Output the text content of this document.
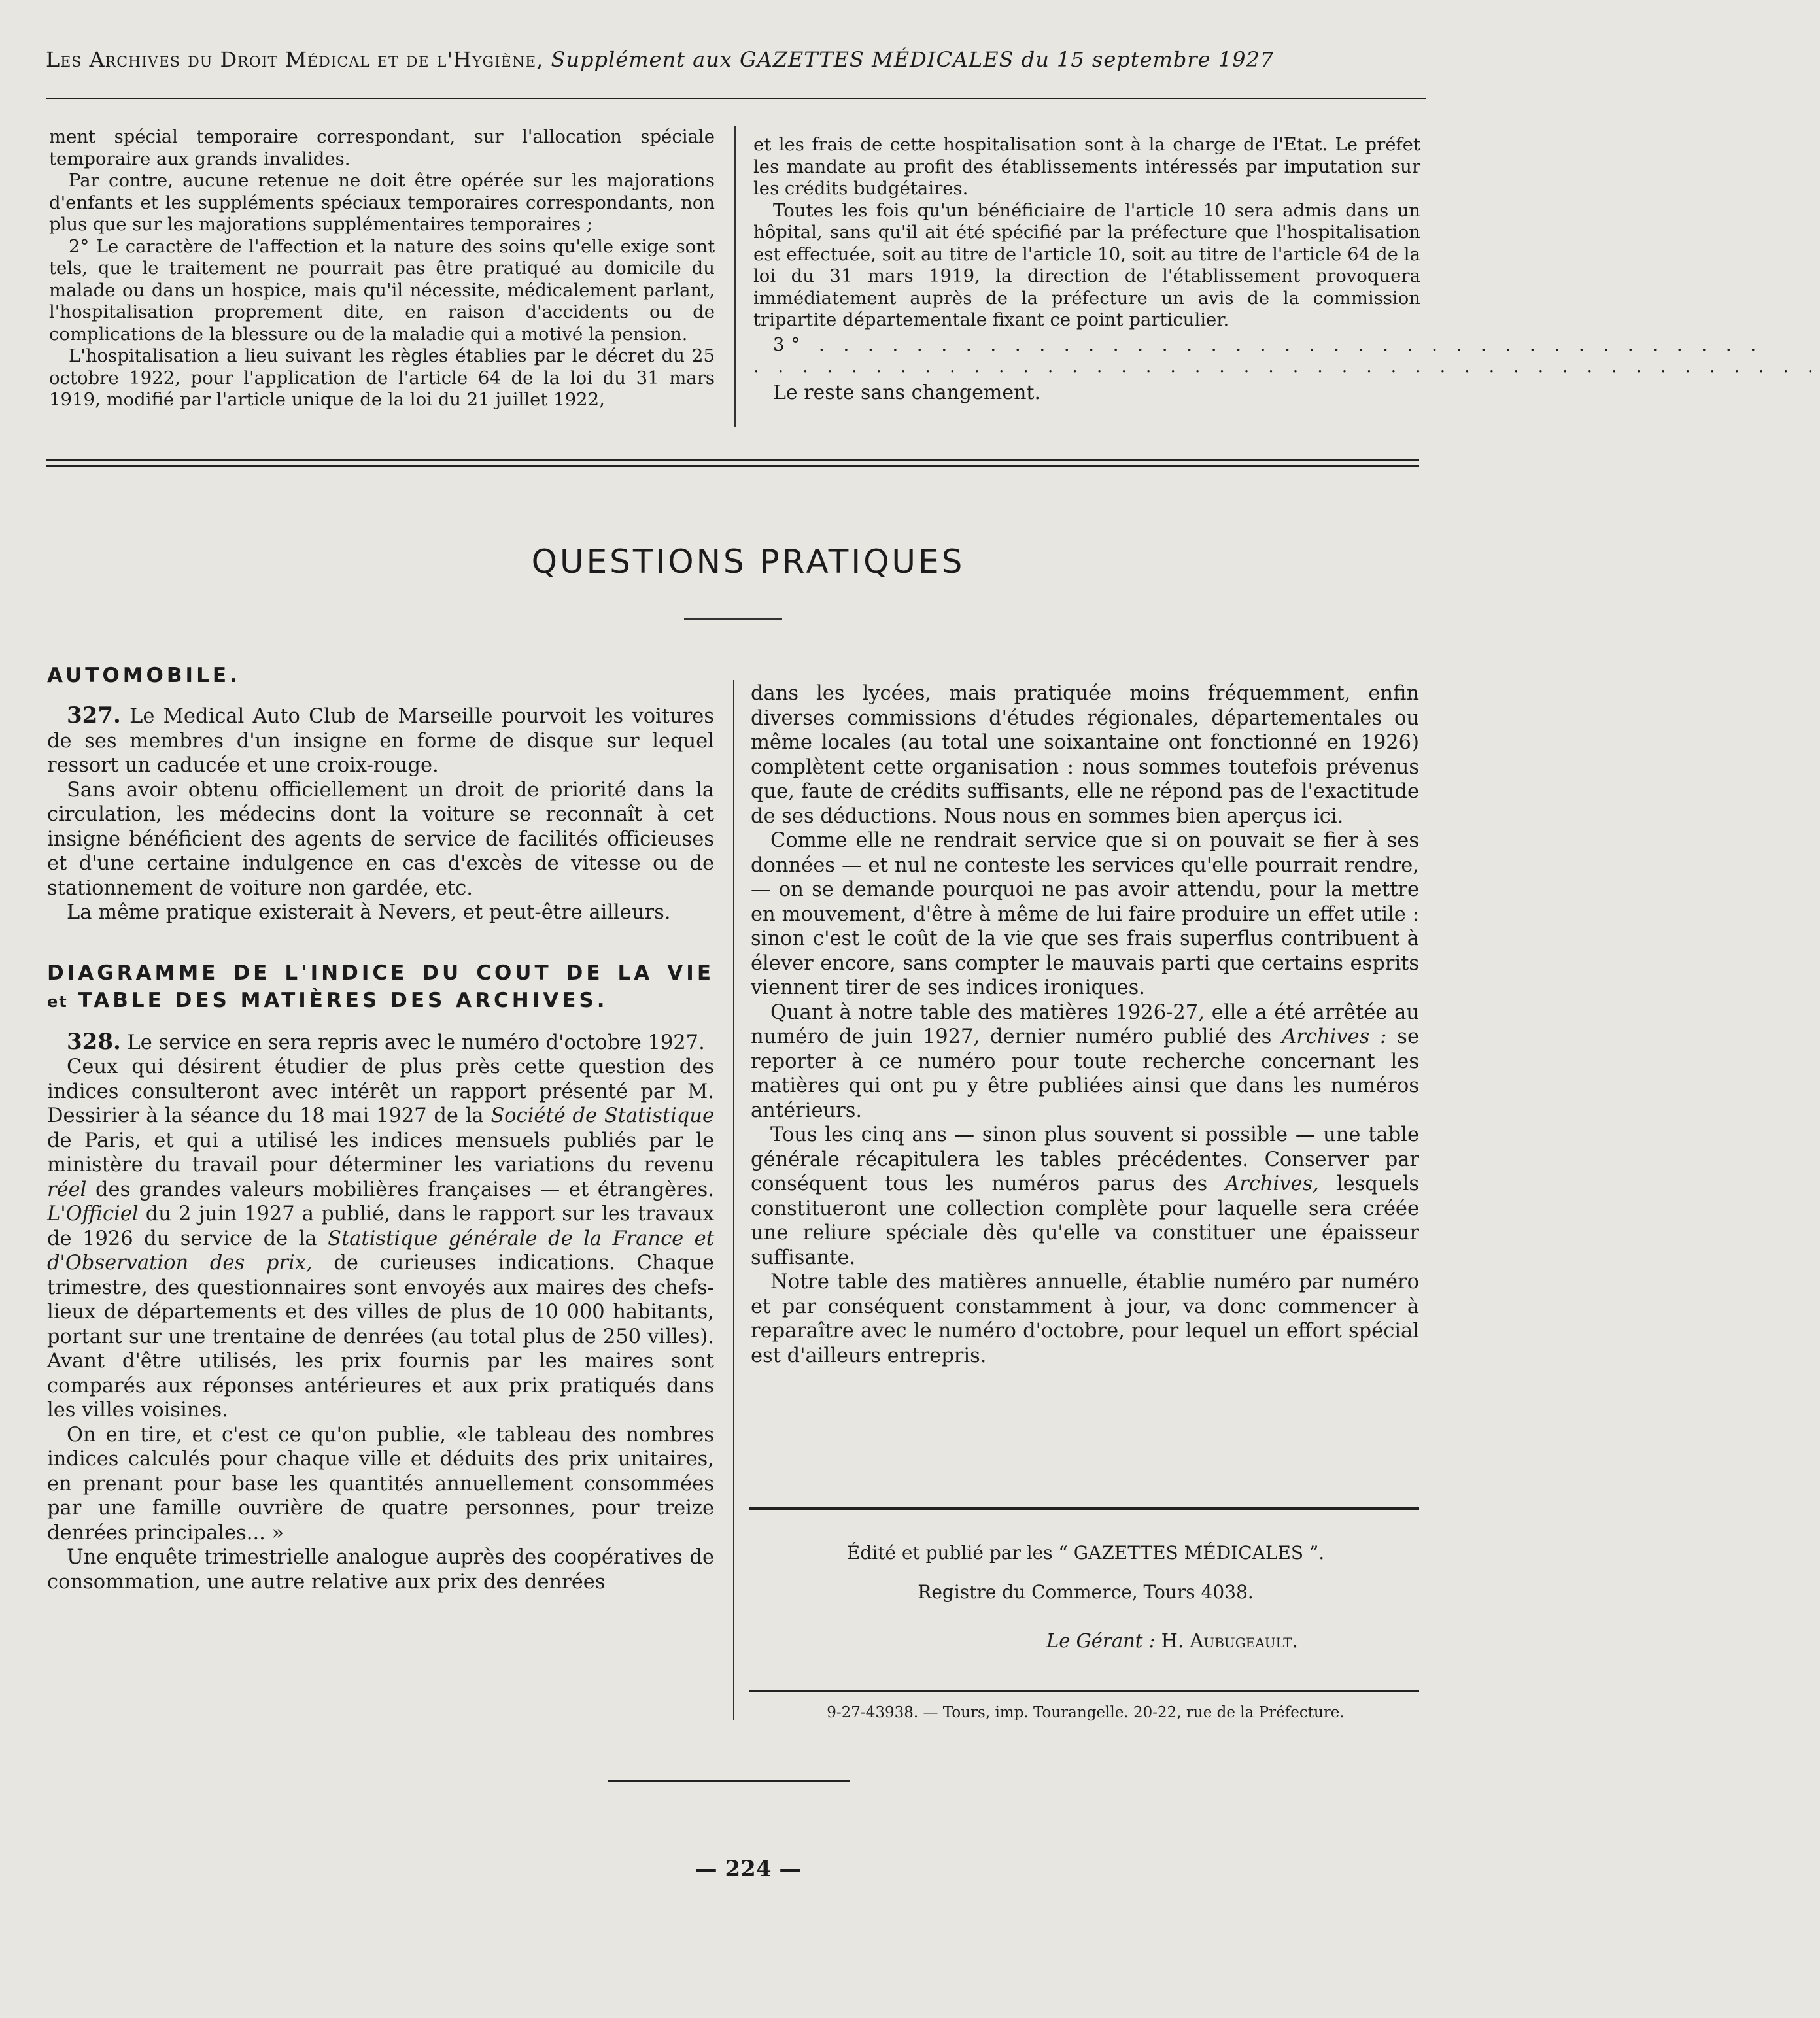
Les Archives du Droit Médical et de l'Hygiène, Supplément aux GAZETTES MÉDICALES du 15 septembre 1927

ment spécial temporaire correspondant, sur l'allocation spéciale temporaire aux grands invalides.

Par contre, aucune retenue ne doit être opérée sur les majorations d'enfants et les suppléments spéciaux temporaires correspondants, non plus que sur les majorations supplémentaires temporaires ;

2° Le caractère de l'affection et la nature des soins qu'elle exige sont tels, que le traitement ne pourrait pas être pratiqué au domicile du malade ou dans un hospice, mais qu'il nécessite, médicalement parlant, l'hospitalisation proprement dite, en raison d'accidents ou de complications de la blessure ou de la maladie qui a motivé la pension.

L'hospitalisation a lieu suivant les règles établies par le décret du 25 octobre 1922, pour l'application de l'article 64 de la loi du 31 mars 1919, modifié par l'article unique de la loi du 21 juillet 1922,

et les frais de cette hospitalisation sont à la charge de l'Etat. Le préfet les mandate au profit des établissements intéressés par imputation sur les crédits budgétaires.

Toutes les fois qu'un bénéficiaire de l'article 10 sera admis dans un hôpital, sans qu'il ait été spécifié par la préfecture que l'hospitalisation est effectuée, soit au titre de l'article 10, soit au titre de l'article 64 de la loi du 31 mars 1919, la direction de l'établissement provoquera immédiatement auprès de la préfecture un avis de la commission tripartite départementale fixant ce point particulier.

3° . . . . . . . . . . . . . . . . . . . . . . . . . . . . . . . . . . . . . . .

. . . . . . . . . . . . . . . . . . . . . . . . . . . . . . . . . . . . . . . . . . . .

Le reste sans changement.

QUESTIONS PRATIQUES

AUTOMOBILE.

327. Le Medical Auto Club de Marseille pourvoit les voitures de ses membres d'un insigne en forme de disque sur lequel ressort un caducée et une croix-rouge.

Sans avoir obtenu officiellement un droit de priorité dans la circulation, les médecins dont la voiture se reconnaît à cet insigne bénéficient des agents de service de facilités officieuses et d'une certaine indulgence en cas d'excès de vitesse ou de stationnement de voiture non gardée, etc.

La même pratique existerait à Nevers, et peut-être ailleurs.

DIAGRAMME DE L'INDICE DU COUT DE LA VIE et TABLE DES MATIÈRES DES ARCHIVES.

328. Le service en sera repris avec le numéro d'octobre 1927.

Ceux qui désirent étudier de plus près cette question des indices consulteront avec intérêt un rapport présenté par M. Dessirier à la séance du 18 mai 1927 de la Société de Statistique de Paris, et qui a utilisé les indices mensuels publiés par le ministère du travail pour déterminer les variations du revenu réel des grandes valeurs mobilières françaises — et étrangères. L'Officiel du 2 juin 1927 a publié, dans le rapport sur les travaux de 1926 du service de la Statistique générale de la France et d'Observation des prix, de curieuses indications. Chaque trimestre, des questionnaires sont envoyés aux maires des chefs-lieux de départements et des villes de plus de 10 000 habitants, portant sur une trentaine de denrées (au total plus de 250 villes). Avant d'être utilisés, les prix fournis par les maires sont comparés aux réponses antérieures et aux prix pratiqués dans les villes voisines.

On en tire, et c'est ce qu'on publie, «le tableau des nombres indices calculés pour chaque ville et déduits des prix unitaires, en prenant pour base les quantités annuellement consommées par une famille ouvrière de quatre personnes, pour treize denrées principales... »

Une enquête trimestrielle analogue auprès des coopératives de consommation, une autre relative aux prix des denrées

dans les lycées, mais pratiquée moins fréquemment, enfin diverses commissions d'études régionales, départementales ou même locales (au total une soixantaine ont fonctionné en 1926) complètent cette organisation : nous sommes toutefois prévenus que, faute de crédits suffisants, elle ne répond pas de l'exactitude de ses déductions. Nous nous en sommes bien aperçus ici.

Comme elle ne rendrait service que si on pouvait se fier à ses données — et nul ne conteste les services qu'elle pourrait rendre, — on se demande pourquoi ne pas avoir attendu, pour la mettre en mouvement, d'être à même de lui faire produire un effet utile : sinon c'est le coût de la vie que ses frais superflus contribuent à élever encore, sans compter le mauvais parti que certains esprits viennent tirer de ses indices ironiques.

Quant à notre table des matières 1926-27, elle a été arrêtée au numéro de juin 1927, dernier numéro publié des Archives : se reporter à ce numéro pour toute recherche concernant les matières qui ont pu y être publiées ainsi que dans les numéros antérieurs.

Tous les cinq ans — sinon plus souvent si possible — une table générale récapitulera les tables précédentes. Conserver par conséquent tous les numéros parus des Archives, lesquels constitueront une collection complète pour laquelle sera créée une reliure spéciale dès qu'elle va constituer une épaisseur suffisante.

Notre table des matières annuelle, établie numéro par numéro et par conséquent constamment à jour, va donc commencer à reparaître avec le numéro d'octobre, pour lequel un effort spécial est d'ailleurs entrepris.

Édité et publié par les “ GAZETTES MÉDICALES ”.
Registre du Commerce, Tours 4038.
Le Gérant : H. Aubugeault.
9-27-43938. — Tours, imp. Tourangelle. 20-22, rue de la Préfecture.
— 224 —
